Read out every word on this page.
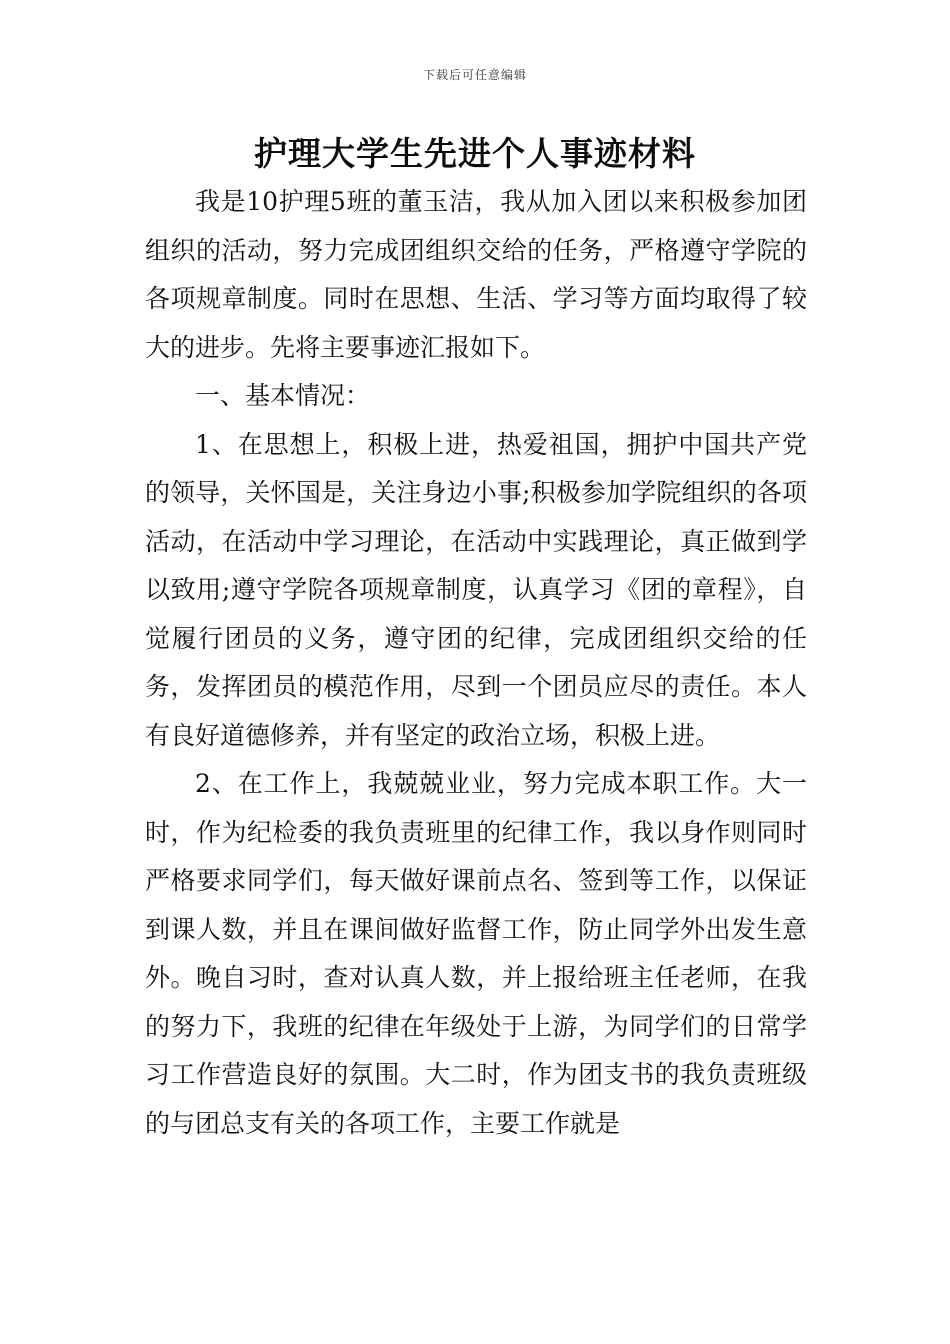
下载后可任意编辑
护理大学生先进个人事迹材料

我是10护理5班的董玉洁，我从加入团以来积极参加团组织的活动，努力完成团组织交给的任务，严格遵守学院的各项规章制度。同时在思想、生活、学习等方面均取得了较大的进步。先将主要事迹汇报如下。

一、基本情况：

1、在思想上，积极上进，热爱祖国，拥护中国共产党的领导，关怀国是，关注身边小事;积极参加学院组织的各项活动，在活动中学习理论，在活动中实践理论，真正做到学以致用;遵守学院各项规章制度，认真学习《团的章程》，自觉履行团员的义务，遵守团的纪律，完成团组织交给的任务，发挥团员的模范作用，尽到一个团员应尽的责任。本人有良好道德修养，并有坚定的政治立场，积极上进。

2、在工作上，我兢兢业业，努力完成本职工作。大一时，作为纪检委的我负责班里的纪律工作，我以身作则同时严格要求同学们，每天做好课前点名、签到等工作，以保证到课人数，并且在课间做好监督工作，防止同学外出发生意外。晚自习时，查对认真人数，并上报给班主任老师，在我的努力下，我班的纪律在年级处于上游，为同学们的日常学习工作营造良好的氛围。大二时，作为团支书的我负责班级的与团总支有关的各项工作，主要工作就是
